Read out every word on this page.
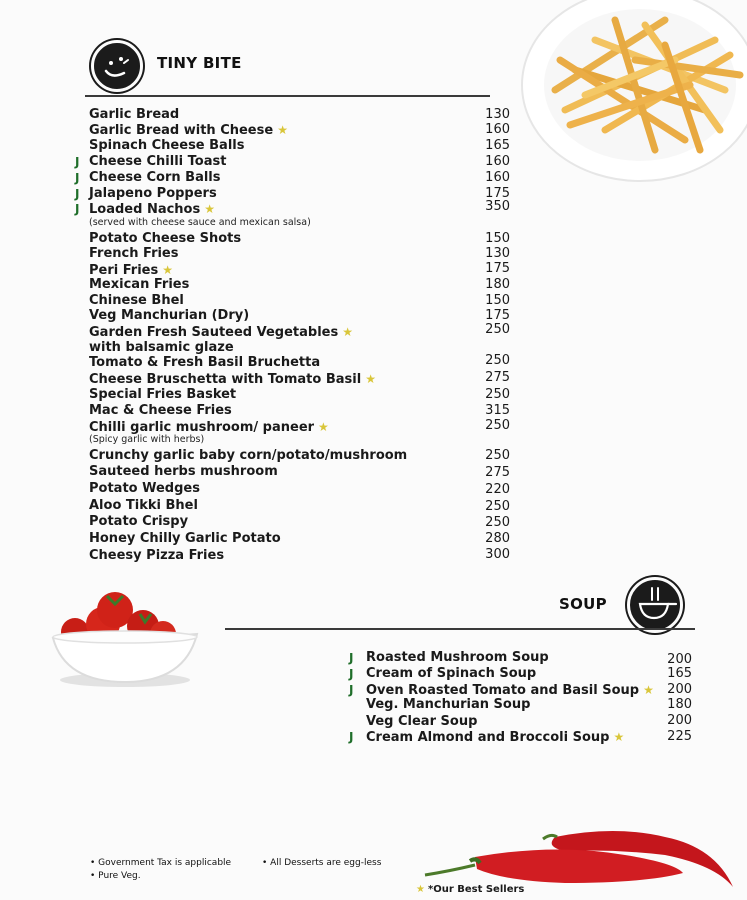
TINY BITE
Garlic Bread	130
Garlic Bread with Cheese ★	160
Spinach Cheese Balls	165
J Cheese Chilli Toast	160
J Cheese Corn Balls	160
J Jalapeno Poppers	175
J Loaded Nachos ★	350
(served with cheese sauce and mexican salsa)
Potato Cheese Shots	150
French Fries	130
Peri Fries ★	175
Mexican Fries	180
Chinese Bhel	150
Veg Manchurian (Dry)	175
Garden Fresh Sauteed Vegetables ★	250
with balsamic glaze
Tomato & Fresh Basil Bruchetta	250
Cheese Bruschetta with Tomato Basil ★	275
Special Fries Basket	250
Mac & Cheese Fries	315
Chilli garlic mushroom/ paneer ★	250
(Spicy garlic with herbs)
Crunchy garlic baby corn/potato/mushroom	250
Sauteed herbs mushroom	275
Potato Wedges	220
Aloo Tikki Bhel	250
Potato Crispy	250
Honey Chilly Garlic Potato	280
Cheesy Pizza Fries	300
SOUP
J Roasted Mushroom Soup	200
J Cream of Spinach Soup	165
J Oven Roasted Tomato and Basil Soup ★	200
Veg. Manchurian Soup	180
Veg Clear Soup	200
J Cream Almond and Broccoli Soup ★	225
• Government Tax is applicable	• All Desserts are egg-less
• Pure Veg.
★ *Our Best Sellers
